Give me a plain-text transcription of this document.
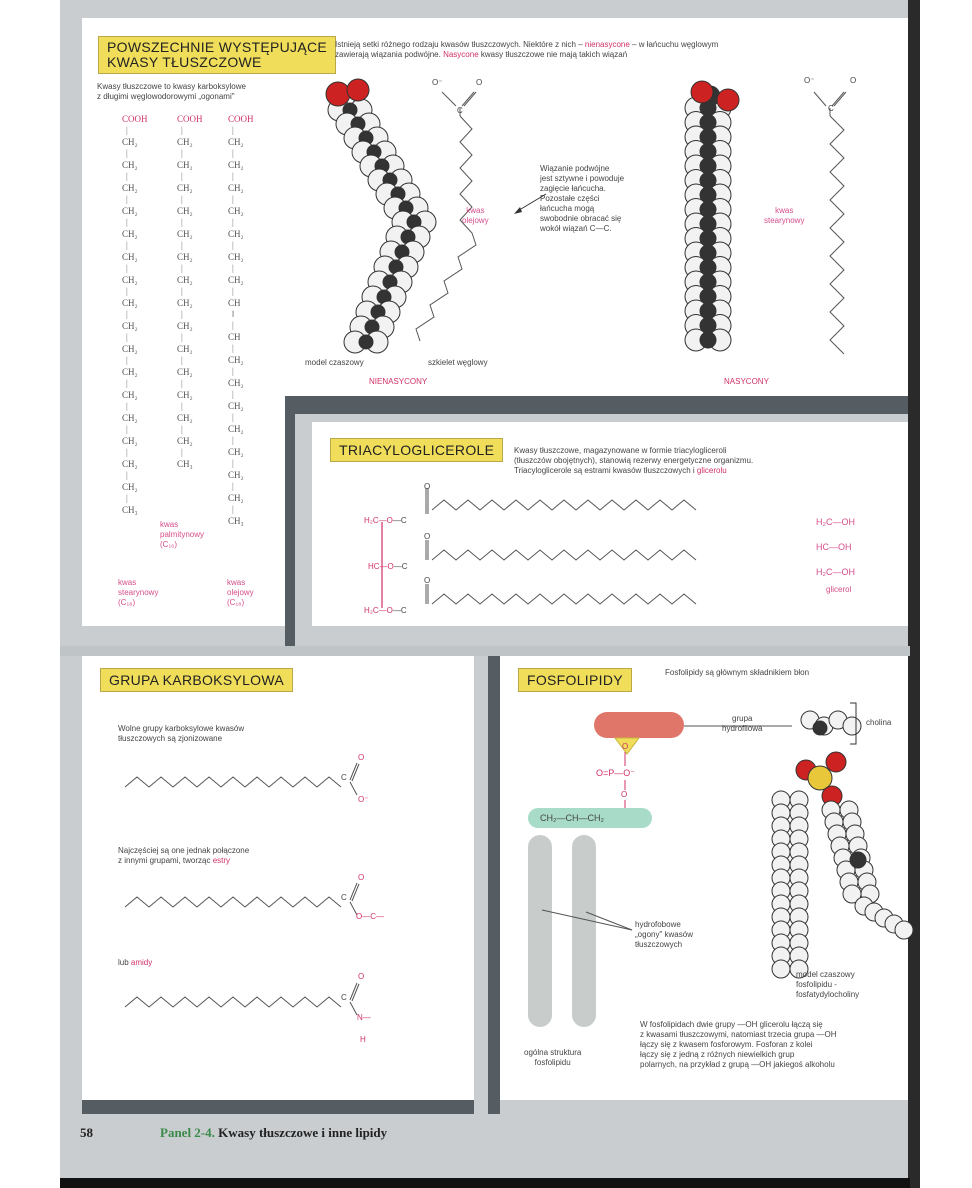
POWSZECHNIE WYSTĘPUJĄCE
KWASY TŁUSZCZOWE
Kwasy tłuszczowe to kwasy karboksylowe
z długimi węglowodorowymi „ogonami"
COOH
|
CH₂
|
CH₂
|
CH₂
|
CH₂
|
CH₂
|
CH₂
|
CH₂
|
CH₂
|
CH₂
|
CH₂
|
CH₂
|
CH₂
|
CH₂
|
CH₂
|
CH₂
|
CH₂
|
CH₃
COOH
|
CH₂
|
CH₂
|
CH₂
|
CH₂
|
CH₂
|
CH₂
|
CH₂
|
CH₂
|
CH₂
|
CH₂
|
CH₂
|
CH₂
|
CH₂
|
CH₂
|
CH₃
COOH
|
CH₂
|
CH₂
|
CH₂
|
CH₂
|
CH₂
|
CH₂
|
CH₂
|
CH
‖
|
CH
|
CH₂
|
CH₂
|
CH₂
|
CH₂
|
CH₂
|
CH₂
|
CH₂
|
CH₃
kwas
stearynowy
(C₁₈)
kwas
palmitynowy
(C₁₆)
kwas
olejowy
(C₁₈)
Istnieją setki różnego rodzaju kwasów tłuszczowych. Niektóre z nich – nienasycone – w łańcuchu węglowym
zawierają wiązania podwójne. Nasycone kwasy tłuszczowe nie mają takich wiązań
O⁻	O
C
kwas
olejowy
Wiązanie podwójne
jest sztywne i powoduje
zagięcie łańcucha.
Pozostałe części
łańcucha mogą
swobodnie obracać się
wokół wiązań C—C.
model czaszowy	szkielet węglowy
NIENASYCONY
O⁻	O
C
kwas
stearynowy
NASYCONY
TRIACYLOGLICEROLE	Kwasy tłuszczowe, magazynowane w formie triacylogliceroli
(tłuszczów obojętnych), stanowią rezerwy energetyczne organizmu.
Triacyloglicerole są estrami kwasów tłuszczowych i glicerolu
O
H₂C—O—C
O
HC—O—C
O
H₂C—O—C
H₂C—OH
HC—OH
H₂C—OH
glicerol
GRUPA KARBOKSYLOWA
Wolne grupy karboksylowe kwasów
tłuszczowych są zjonizowane
O
C
O⁻
Najczęściej są one jednak połączone
z innymi grupami, tworząc estry
O
C
O—C—
lub amidy
O
C
N—
H
FOSFOLIPIDY	Fosfolipidy są głównym składnikiem błon
grupa
hydrofilowa
O
O=P—O⁻
O
CH₂—CH—CH₂
hydrofobowe
„ogony" kwasów
tłuszczowych
ogólna struktura
fosfolipidu
cholina
model czaszowy
fosfolipidu -
fosfatydylocholiny
W fosfolipidach dwie grupy —OH glicerolu łączą się
z kwasami tłuszczowymi, natomiast trzecia grupa —OH
łączy się z kwasem fosforowym. Fosforan z kolei
łączy się z jedną z różnych niewielkich grup
polarnych, na przykład z grupą —OH jakiegoś alkoholu
58	Panel 2-4. Kwasy tłuszczowe i inne lipidy
